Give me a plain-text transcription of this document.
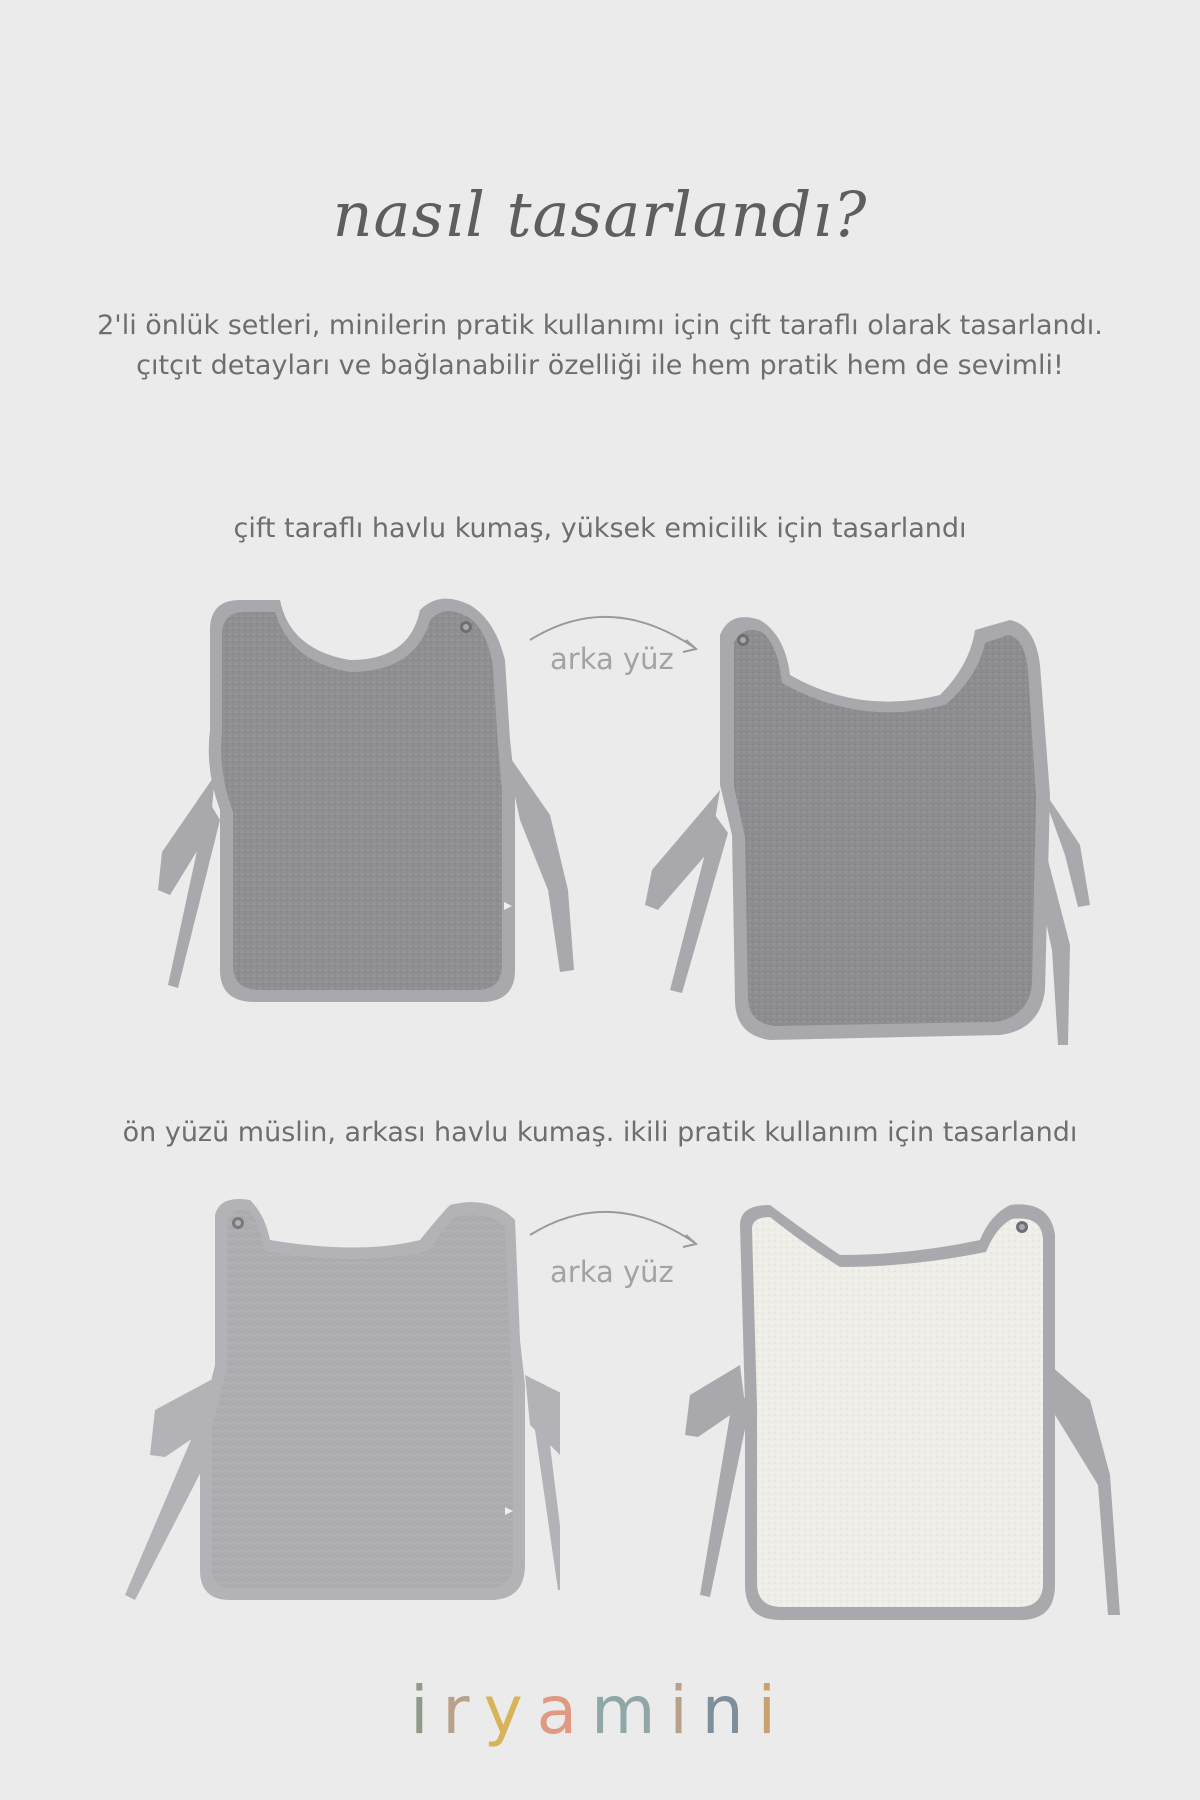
nasıl tasarlandı?
2'li önlük setleri, minilerin pratik kullanımı için çift taraflı olarak tasarlandı.
çıtçıt detayları ve bağlanabilir özelliği ile hem pratik hem de sevimli!
çift taraflı havlu kumaş, yüksek emicilik için tasarlandı
arka yüz
ön yüzü müslin, arkası havlu kumaş. ikili pratik kullanım için tasarlandı
arka yüz
iryamini
